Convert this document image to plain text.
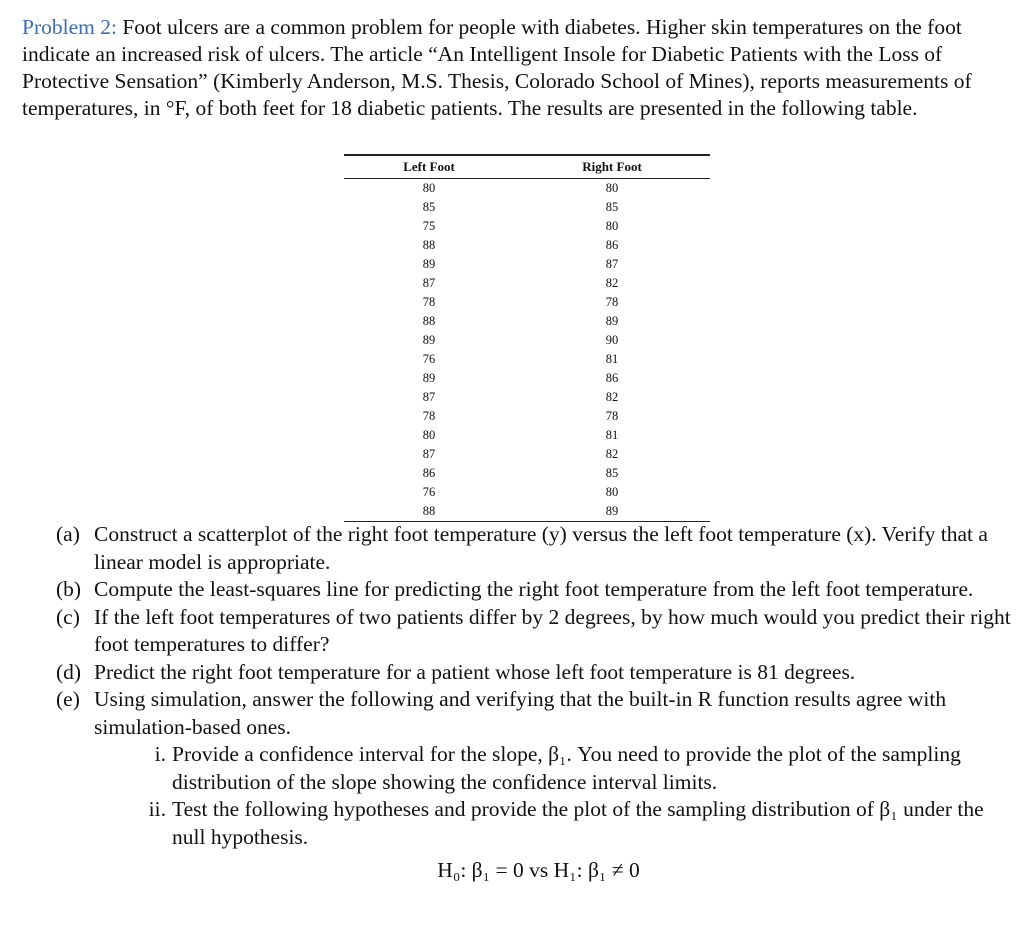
Problem 2: Foot ulcers are a common problem for people with diabetes. Higher skin temperatures on the foot indicate an increased risk of ulcers. The article “An Intelligent Insole for Diabetic Patients with the Loss of Protective Sensation” (Kimberly Anderson, M.S. Thesis, Colorado School of Mines), reports measurements of temperatures, in °F, of both feet for 18 diabetic patients. The results are presented in the following table.
Left Foot	Right Foot
80	80
85	85
75	80
88	86
89	87
87	82
78	78
88	89
89	90
76	81
89	86
87	82
78	78
80	81
87	82
86	85
76	80
88	89
(a) Construct a scatterplot of the right foot temperature (y) versus the left foot temperature (x). Verify that a linear model is appropriate.
(b) Compute the least-squares line for predicting the right foot temperature from the left foot temperature.
(c) If the left foot temperatures of two patients differ by 2 degrees, by how much would you predict their right foot temperatures to differ?
(d) Predict the right foot temperature for a patient whose left foot temperature is 81 degrees.
(e) Using simulation, answer the following and verifying that the built-in R function results agree with simulation-based ones.
i. Provide a confidence interval for the slope, β₁. You need to provide the plot of the sampling distribution of the slope showing the confidence interval limits.
ii. Test the following hypotheses and provide the plot of the sampling distribution of β₁ under the null hypothesis.
H₀: β₁ = 0 vs H₁: β₁ ≠ 0
